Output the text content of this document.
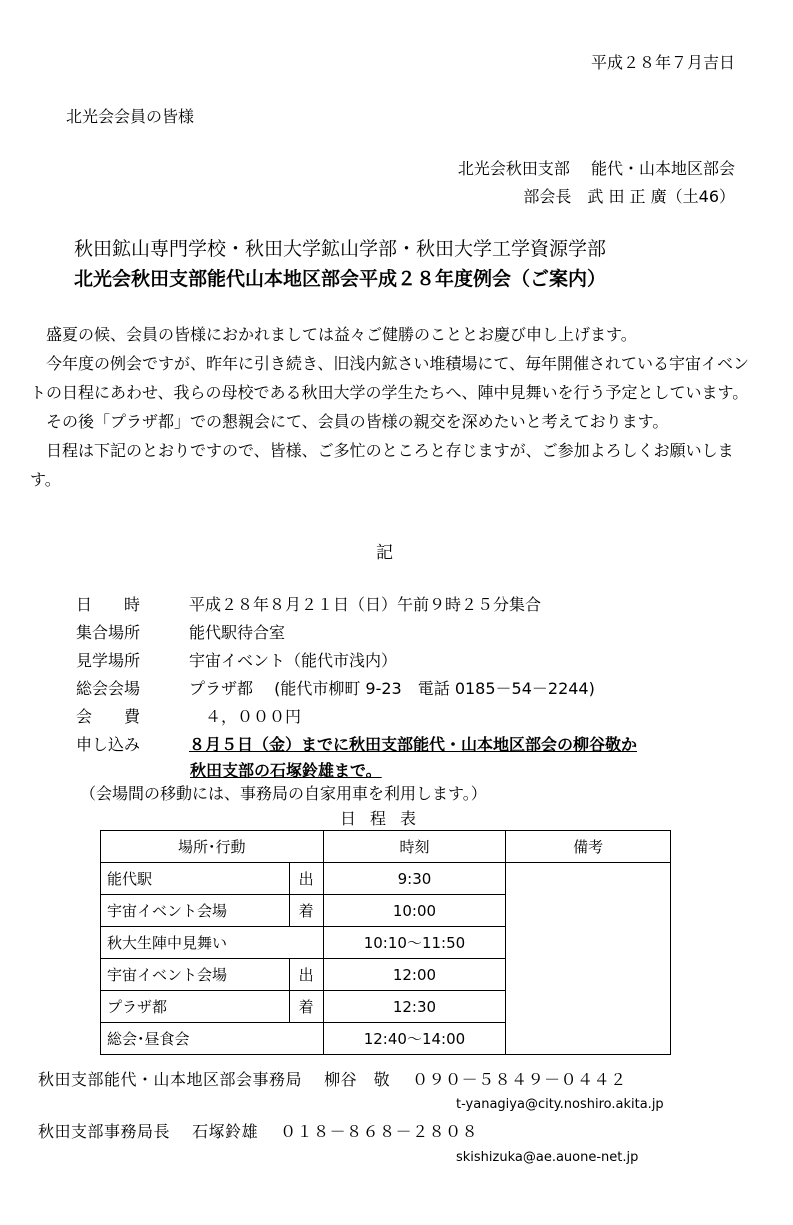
平成２８年７月吉日
北光会会員の皆様
北光会秋田支部　 能代・山本地区部会
部会長　武 田 正 廣（土46）
秋田鉱山専門学校・秋田大学鉱山学部・秋田大学工学資源学部
北光会秋田支部能代山本地区部会平成２８年度例会（ご案内）

　盛夏の候、会員の皆様におかれましては益々ご健勝のこととお慶び申し上げます。

　今年度の例会ですが、昨年に引き続き、旧浅内鉱さい堆積場にて、毎年開催されている宇宙イベントの日程にあわせ、我らの母校である秋田大学の学生たちへ、陣中見舞いを行う予定としています。

　その後「プラザ都」での懇親会にて、会員の皆様の親交を深めたいと考えております。

　日程は下記のとおりですので、皆様、ご多忙のところと存じますが、ご参加よろしくお願いします。

記
日　　時	平成２８年８月２１日（日）午前９時２５分集合
集合場所	能代駅待合室
見学場所	宇宙イベント（能代市浅内）
総会会場	プラザ都　 (能代市柳町 9-23　電話 0185－54－2244)
会　　費	　４，０００円
申し込み	８月５日（金）までに秋田支部能代・山本地区部会の柳谷敬か
秋田支部の石塚鈴雄まで。
（会場間の移動には、事務局の自家用車を利用します。）
日程表
場所･行動		時刻	備考
能代駅	出	9:30	
宇宙イベント会場	着	10:00	
秋大生陣中見舞い		10:10～11:50	
宇宙イベント会場	出	12:00	
プラザ都	着	12:30	
総会･昼食会		12:40～14:00	
秋田支部能代・山本地区部会事務局　 柳谷　敬　 ０９０－５８４９－０４４２
t-yanagiya@city.noshiro.akita.jp
秋田支部事務局長　 石塚鈴雄　 ０１８－８６８－２８０８
skishizuka@ae.auone-net.jp
